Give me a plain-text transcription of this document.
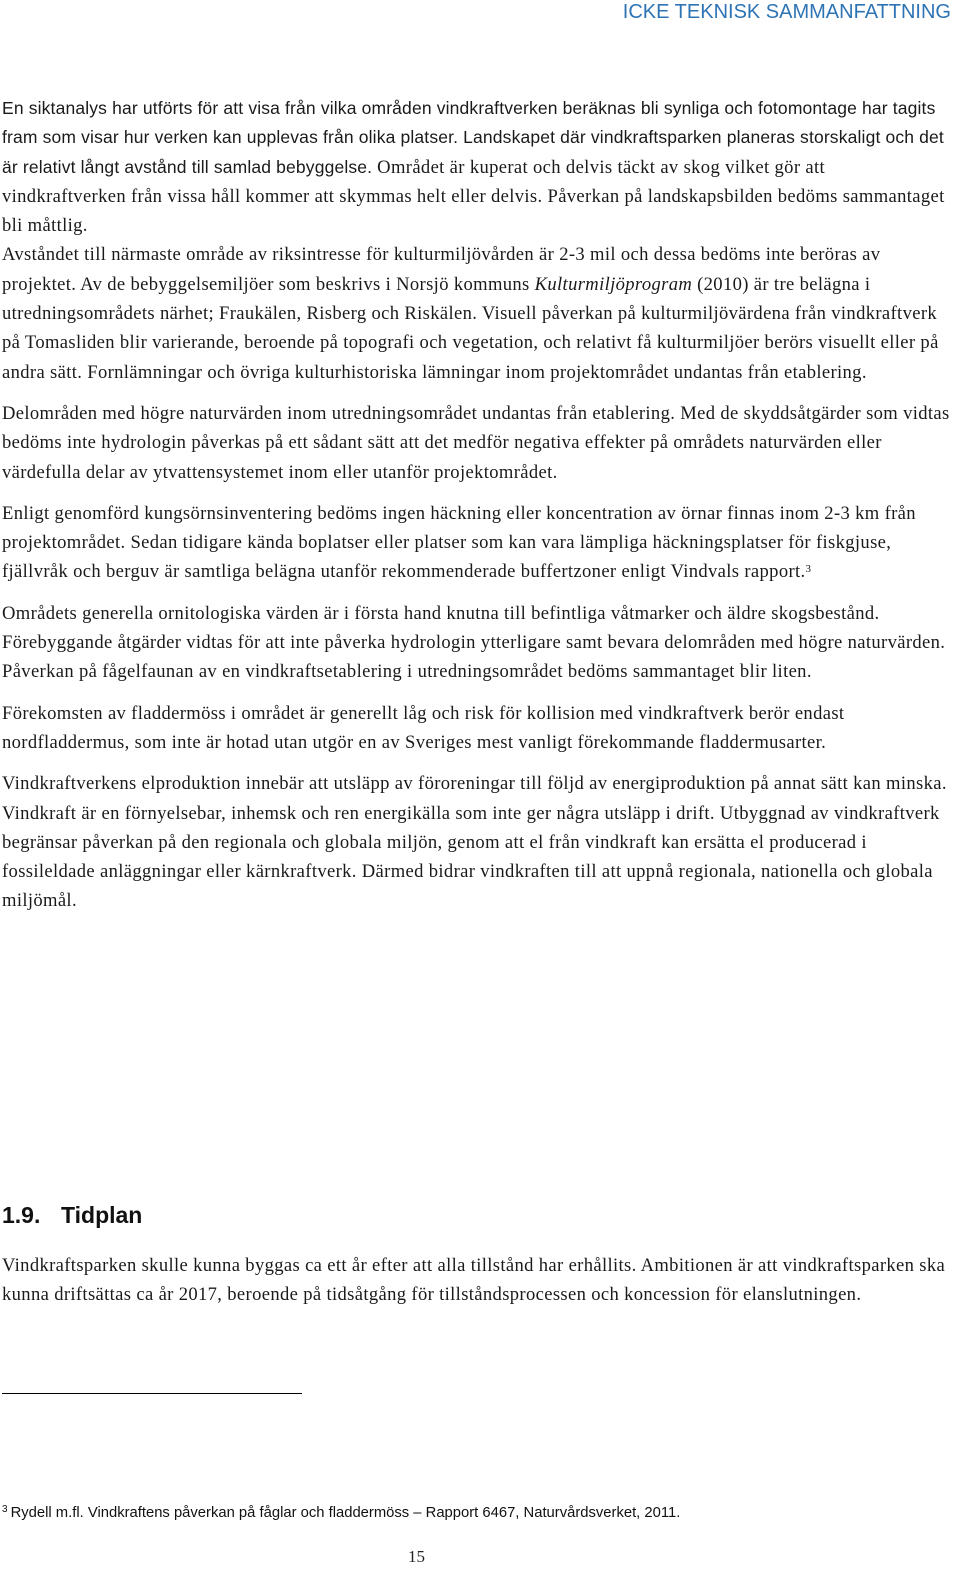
ICKE TEKNISK SAMMANFATTNING

En siktanalys har utförts för att visa från vilka områden vindkraftverken beräknas bli synliga och fotomontage har tagits fram som visar hur verken kan upplevas från olika platser. Landskapet där vindkraftsparken planeras storskaligt och det är relativt långt avstånd till samlad bebyggelse. Området är kuperat och delvis täckt av skog vilket gör att vindkraftverken från vissa håll kommer att skymmas helt eller delvis. Påverkan på landskapsbilden bedöms sammantaget bli måttlig.

Avståndet till närmaste område av riksintresse för kulturmiljövården är 2-3 mil och dessa bedöms inte beröras av projektet. Av de bebyggelsemiljöer som beskrivs i Norsjö kommuns Kulturmiljöprogram (2010) är tre belägna i utredningsområdets närhet; Fraukälen, Risberg och Riskälen. Visuell påverkan på kulturmiljövärdena från vindkraftverk på Tomasliden blir varierande, beroende på topografi och vegetation, och relativt få kulturmiljöer berörs visuellt eller på andra sätt. Fornlämningar och övriga kulturhistoriska lämningar inom projektområdet undantas från etablering.

Delområden med högre naturvärden inom utredningsområdet undantas från etablering. Med de skyddsåtgärder som vidtas bedöms inte hydrologin påverkas på ett sådant sätt att det medför negativa effekter på områdets naturvärden eller värdefulla delar av ytvattensystemet inom eller utanför projektområdet.

Enligt genomförd kungsörnsinventering bedöms ingen häckning eller koncentration av örnar finnas inom 2-3 km från projektområdet. Sedan tidigare kända boplatser eller platser som kan vara lämpliga häckningsplatser för fiskgjuse, fjällvråk och berguv är samtliga belägna utanför rekommenderade buffertzoner enligt Vindvals rapport.$^3$

Områdets generella ornitologiska värden är i första hand knutna till befintliga våtmarker och äldre skogsbestånd. Förebyggande åtgärder vidtas för att inte påverka hydrologin ytterligare samt bevara delområden med högre naturvärden. Påverkan på fågelfaunan av en vindkraftsetablering i utredningsområdet bedöms sammantaget blir liten.

Förekomsten av fladdermöss i området är generellt låg och risk för kollision med vindkraftverk berör endast nordfladdermus, som inte är hotad utan utgör en av Sveriges mest vanligt förekommande fladdermusarter.

Vindkraftverkens elproduktion innebär att utsläpp av föroreningar till följd av energiproduktion på annat sätt kan minska. Vindkraft är en förnyelsebar, inhemsk och ren energikälla som inte ger några utsläpp i drift. Utbyggnad av vindkraftverk begränsar påverkan på den regionala och globala miljön, genom att el från vindkraft kan ersätta el producerad i fossileldade anläggningar eller kärnkraftverk. Därmed bidrar vindkraften till att uppnå regionala, nationella och globala miljömål.

1.9. Tidplan

Vindkraftsparken skulle kunna byggas ca ett år efter att alla tillstånd har erhållits. Ambitionen är att vindkraftsparken ska kunna driftsättas ca år 2017, beroende på tidsåtgång för tillståndsprocessen och koncession för elanslutningen.

$^3$ Rydell m.fl. Vindkraftens påverkan på fåglar och fladdermöss – Rapport 6467, Naturvårdsverket, 2011.
15
